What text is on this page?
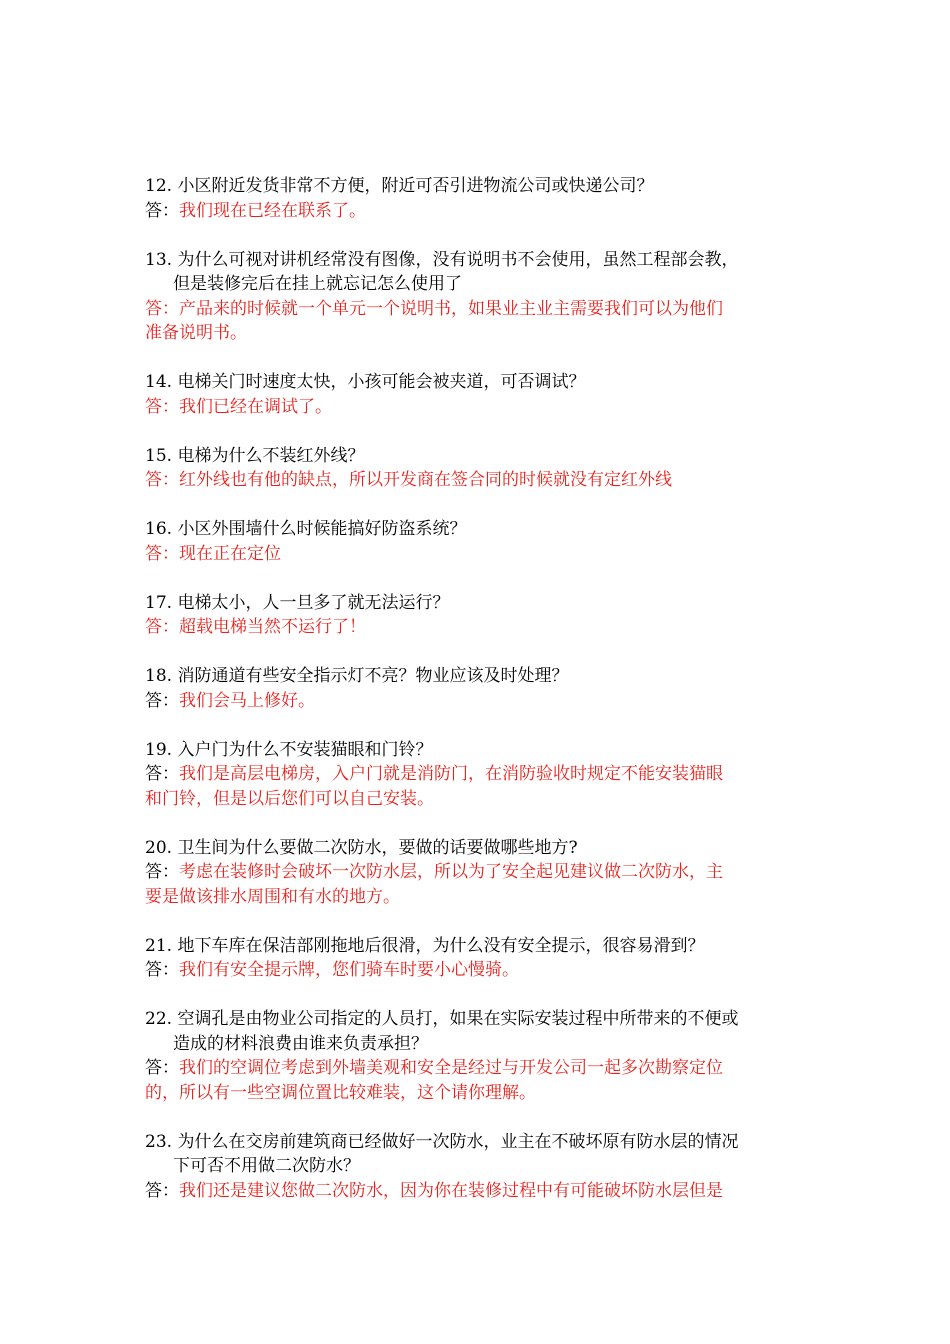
12. 小区附近发货非常不方便，附近可否引进物流公司或快递公司？

答：我们现在已经在联系了。

13. 为什么可视对讲机经常没有图像，没有说明书不会使用，虽然工程部会教，

但是装修完后在挂上就忘记怎么使用了

答：产品来的时候就一个单元一个说明书，如果业主业主需要我们可以为他们

准备说明书。

14. 电梯关门时速度太快，小孩可能会被夹道，可否调试？

答：我们已经在调试了。

15. 电梯为什么不装红外线？

答：红外线也有他的缺点，所以开发商在签合同的时候就没有定红外线

16. 小区外围墙什么时候能搞好防盗系统？

答：现在正在定位

17. 电梯太小，人一旦多了就无法运行？

答：超载电梯当然不运行了！

18. 消防通道有些安全指示灯不亮？物业应该及时处理？

答：我们会马上修好。

19. 入户门为什么不安装猫眼和门铃？

答：我们是高层电梯房，入户门就是消防门，在消防验收时规定不能安装猫眼

和门铃，但是以后您们可以自己安装。

20. 卫生间为什么要做二次防水，要做的话要做哪些地方?

答：考虑在装修时会破坏一次防水层，所以为了安全起见建议做二次防水，主

要是做该排水周围和有水的地方。

21. 地下车库在保洁部刚拖地后很滑，为什么没有安全提示，很容易滑到？

答：我们有安全提示牌，您们骑车时要小心慢骑。

22. 空调孔是由物业公司指定的人员打，如果在实际安装过程中所带来的不便或

造成的材料浪费由谁来负责承担？

答：我们的空调位考虑到外墙美观和安全是经过与开发公司一起多次勘察定位

的，所以有一些空调位置比较难装，这个请你理解。

23. 为什么在交房前建筑商已经做好一次防水，业主在不破坏原有防水层的情况

下可否不用做二次防水？

答：我们还是建议您做二次防水，因为你在装修过程中有可能破坏防水层但是
